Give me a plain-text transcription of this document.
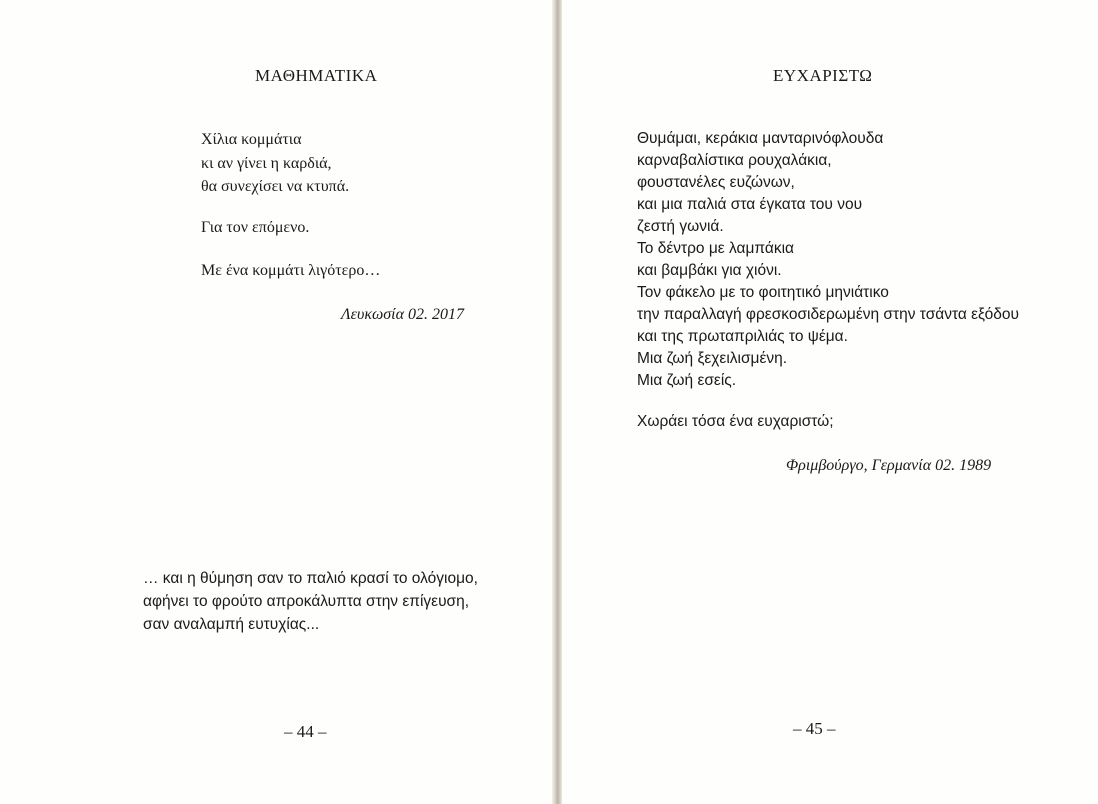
ΜΑΘΗΜΑΤΙΚΑ
Χίλια κομμάτια
κι αν γίνει η καρδιά,
θα συνεχίσει να κτυπά.
Για τον επόμενο.
Με ένα κομμάτι λιγότερο…
Λευκωσία 02. 2017
… και η θύμηση σαν το παλιό κρασί το ολόγιομο,
αφήνει το φρούτο απροκάλυπτα στην επίγευση,
σαν αναλαμπή ευτυχίας...
– 44 –
ΕΥΧΑΡΙΣΤΩ
Θυμάμαι, κεράκια μανταρινόφλουδα
καρναβαλίστικα ρουχαλάκια,
φουστανέλες ευζώνων,
και μια παλιά στα έγκατα του νου
ζεστή γωνιά.
Το δέντρο με λαμπάκια
και βαμβάκι για χιόνι.
Τον φάκελο με το φοιτητικό μηνιάτικο
την παραλλαγή φρεσκοσιδερωμένη στην τσάντα εξόδου
και της πρωταπριλιάς το ψέμα.
Μια ζωή ξεχειλισμένη.
Μια ζωή εσείς.
Χωράει τόσα ένα ευχαριστώ;
Φριμβούργο, Γερμανία 02. 1989
– 45 –
